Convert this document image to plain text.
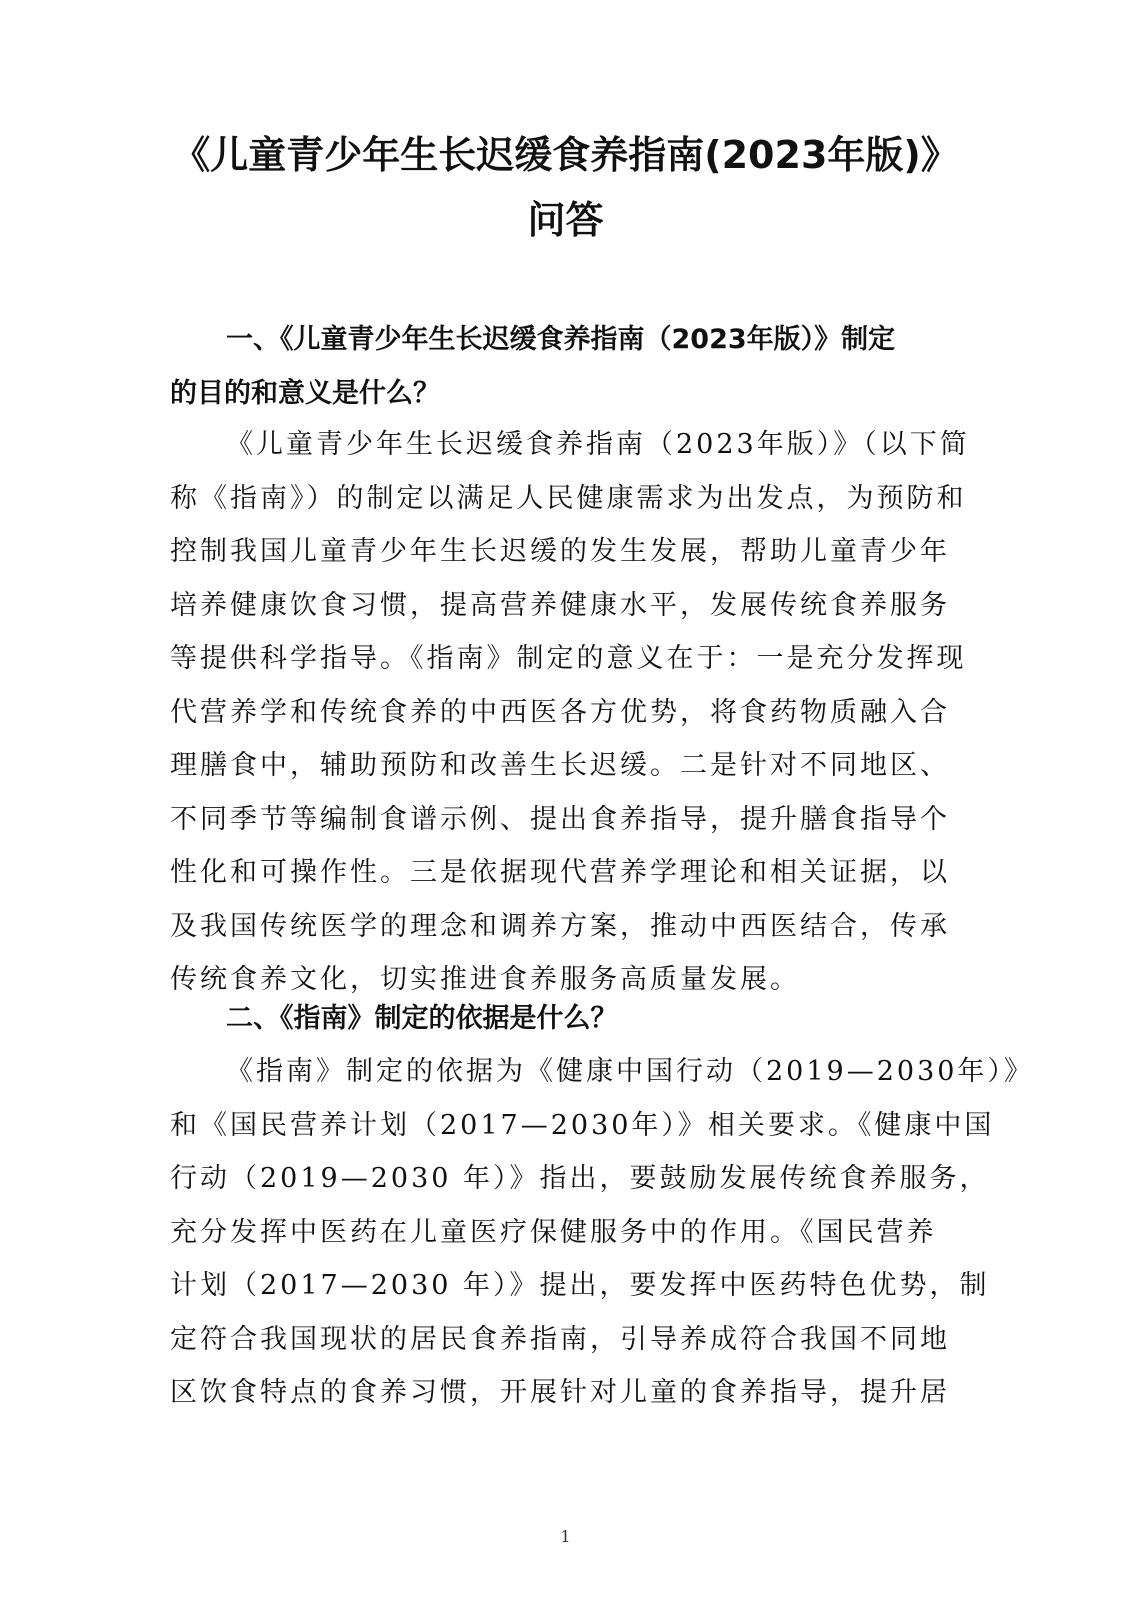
《儿童青少年生长迟缓食养指南(2023年版)》
问答
一、《儿童青少年生长迟缓食养指南（2023年版）》制定
的目的和意义是什么？
《儿童青少年生长迟缓食养指南（2023年版）》（以下简
称《指南》）的制定以满足人民健康需求为出发点，为预防和
控制我国儿童青少年生长迟缓的发生发展，帮助儿童青少年
培养健康饮食习惯，提高营养健康水平，发展传统食养服务
等提供科学指导。《指南》制定的意义在于：一是充分发挥现
代营养学和传统食养的中西医各方优势，将食药物质融入合
理膳食中，辅助预防和改善生长迟缓。二是针对不同地区、
不同季节等编制食谱示例、提出食养指导，提升膳食指导个
性化和可操作性。三是依据现代营养学理论和相关证据，以
及我国传统医学的理念和调养方案，推动中西医结合，传承
传统食养文化，切实推进食养服务高质量发展。
二、《指南》制定的依据是什么？
《指南》制定的依据为《健康中国行动（2019—2030年）》
和《国民营养计划（2017—2030年）》相关要求。《健康中国
行动（2019—2030 年）》指出，要鼓励发展传统食养服务，
充分发挥中医药在儿童医疗保健服务中的作用。《国民营养
计划（2017—2030 年）》提出，要发挥中医药特色优势，制
定符合我国现状的居民食养指南，引导养成符合我国不同地
区饮食特点的食养习惯，开展针对儿童的食养指导，提升居
1
